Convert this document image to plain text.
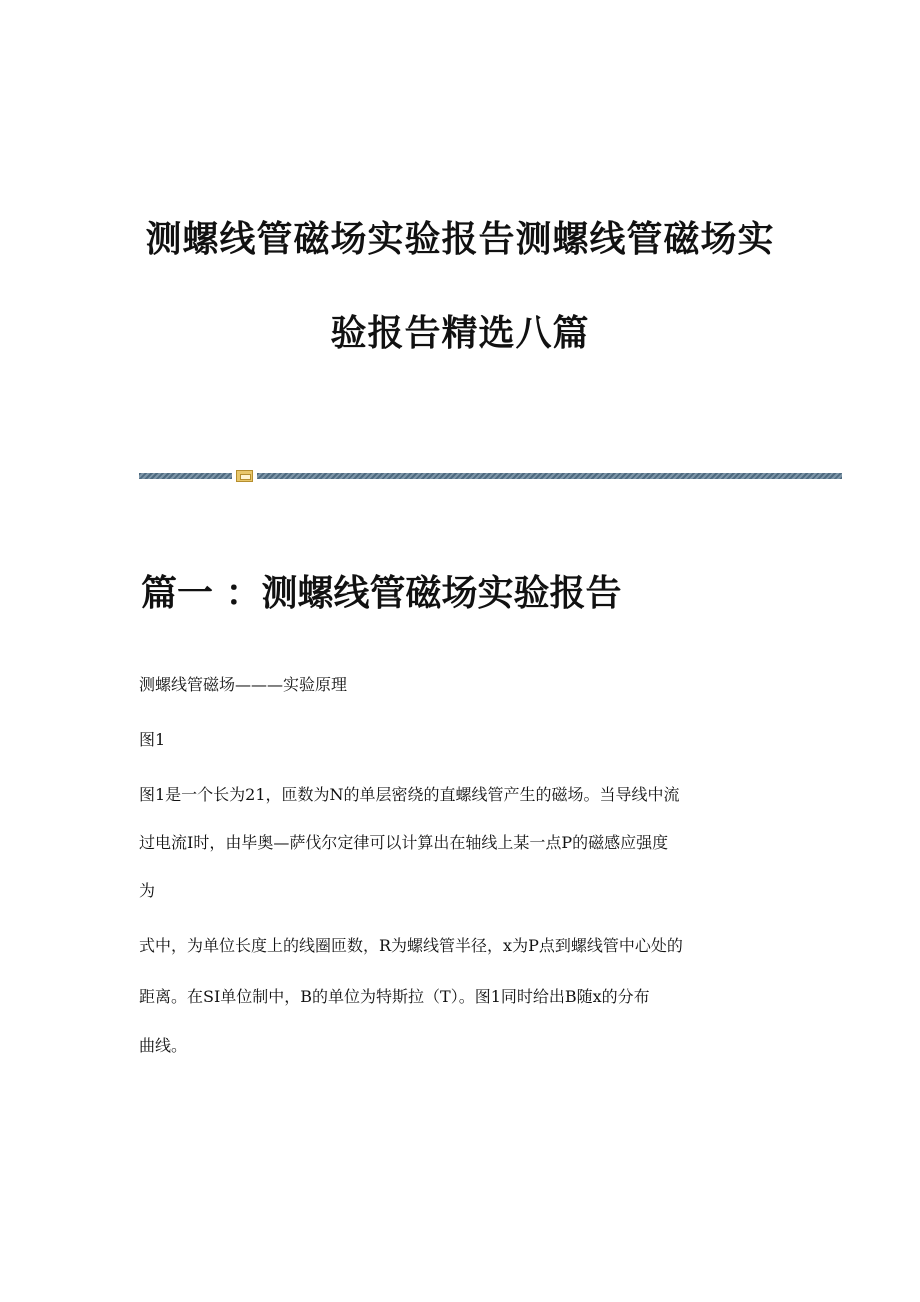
测螺线管磁场实验报告测螺线管磁场实
验报告精选八篇
篇一 ：测螺线管磁场实验报告
测螺线管磁场———实验原理
图1
图1是一个长为21，匝数为N的单层密绕的直螺线管产生的磁场。当导线中流
过电流I时，由毕奥—萨伐尔定律可以计算出在轴线上某一点P的磁感应强度
为
式中，为单位长度上的线圈匝数，R为螺线管半径，x为P点到螺线管中心处的
距离。在SI单位制中，B的单位为特斯拉（T）。图1同时给出B随x的分布
曲线。
